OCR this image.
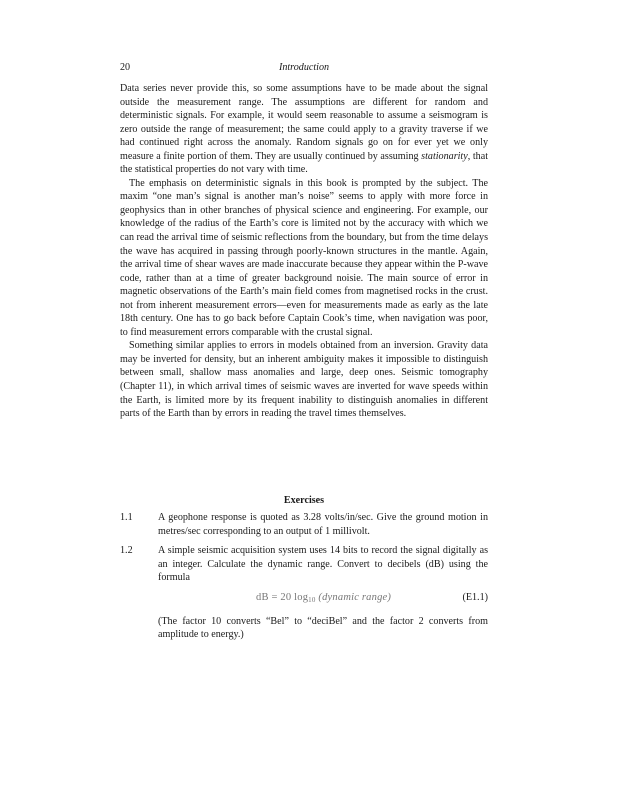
20	Introduction

Data series never provide this, so some assumptions have to be made about the signal outside the measurement range. The assumptions are different for random and deterministic signals. For example, it would seem reasonable to assume a seismogram is zero outside the range of measurement; the same could apply to a gravity traverse if we had continued right across the anomaly. Random signals go on for ever yet we only measure a finite portion of them. They are usually continued by assuming stationarity, that the statistical properties do not vary with time.

The emphasis on deterministic signals in this book is prompted by the subject. The maxim “one man’s signal is another man’s noise” seems to apply with more force in geophysics than in other branches of physical science and engineering. For example, our knowledge of the radius of the Earth’s core is limited not by the accuracy with which we can read the arrival time of seismic reflections from the boundary, but from the time delays the wave has acquired in passing through poorly-known structures in the mantle. Again, the arrival time of shear waves are made inaccurate because they appear within the P-wave code, rather than at a time of greater background noisie. The main source of error in magnetic observations of the Earth’s main field comes from magnetised rocks in the crust. not from inherent measurement errors—even for measurements made as early as the late 18th century. One has to go back before Captain Cook’s time, when navigation was poor, to find measurement errors comparable with the crustal signal.

Something similar applies to errors in models obtained from an inversion. Gravity data may be inverted for density, but an inherent ambiguity makes it impossible to distinguish between small, shallow mass anomalies and large, deep ones. Seismic tomography (Chapter 11), in which arrival times of seismic waves are inverted for wave speeds within the Earth, is limited more by its frequent inability to distinguish anomalies in different parts of the Earth than by errors in reading the travel times themselves.

Exercises
1.1	A geophone response is quoted as 3.28 volts/in/sec. Give the ground motion in metres/sec corresponding to an output of 1 millivolt.
1.2	A simple seismic acquisition system uses 14 bits to record the signal digitally as an integer. Calculate the dynamic range. Convert to decibels (dB) using the formula
dB = 20 $\log_{10}$ (dynamic range)	(E1.1)
(The factor 10 converts “Bel” to “deciBel” and the factor 2 converts from amplitude to energy.)
